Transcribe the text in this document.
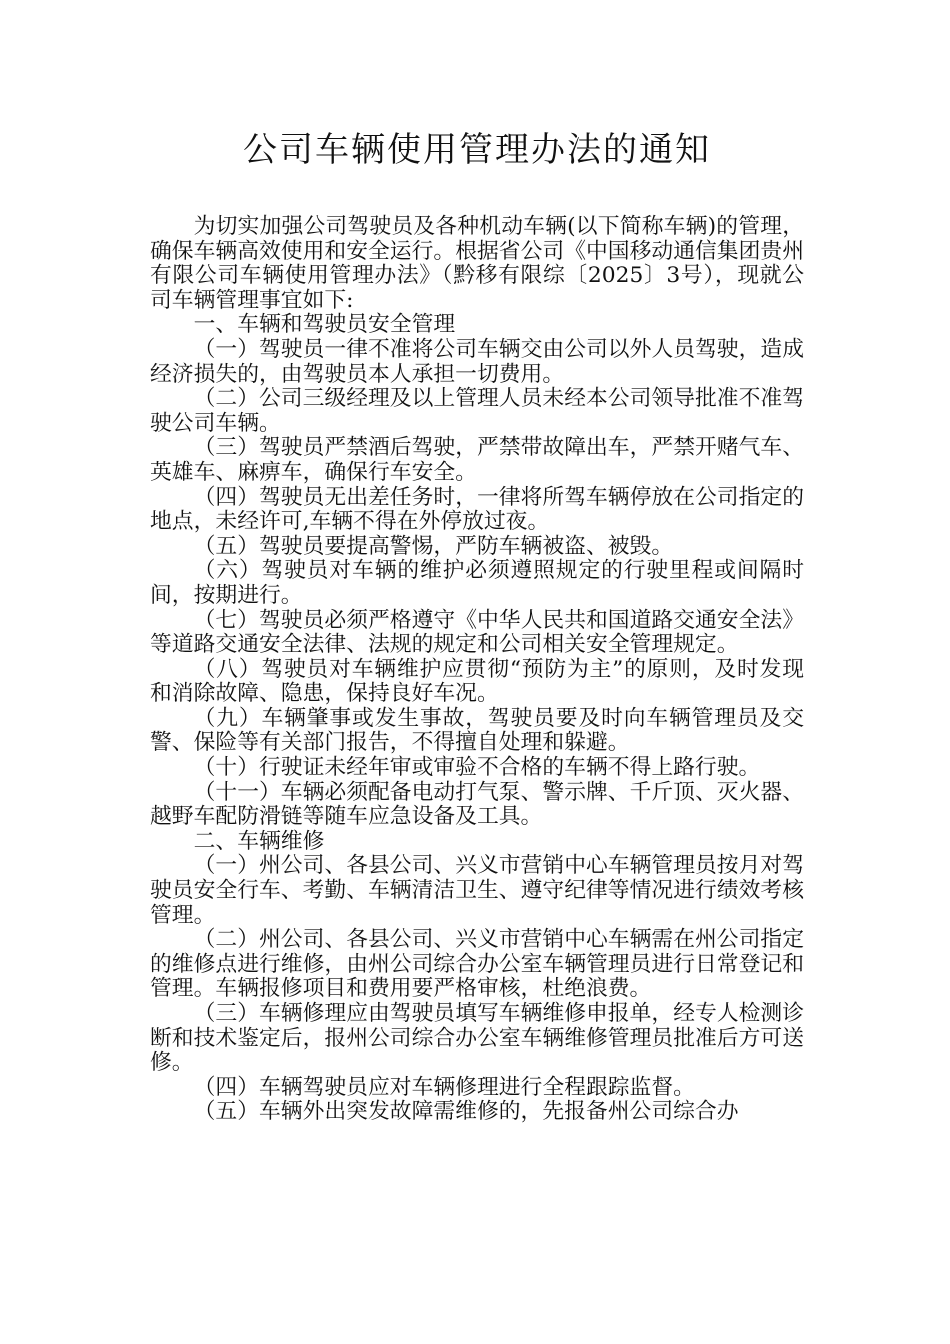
公司车辆使用管理办法的通知

为切实加强公司驾驶员及各种机动车辆(以下简称车辆)的管理，确保车辆高效使用和安全运行。根据省公司《中国移动通信集团贵州有限公司车辆使用管理办法》（黔移有限综〔2025〕3号），现就公司车辆管理事宜如下:

一、车辆和驾驶员安全管理

（一）驾驶员一律不准将公司车辆交由公司以外人员驾驶，造成经济损失的，由驾驶员本人承担一切费用。

（二）公司三级经理及以上管理人员未经本公司领导批准不准驾驶公司车辆。

（三）驾驶员严禁酒后驾驶，严禁带故障出车，严禁开赌气车、英雄车、麻痹车，确保行车安全。

（四）驾驶员无出差任务时，一律将所驾车辆停放在公司指定的地点，未经许可,车辆不得在外停放过夜。

（五）驾驶员要提高警惕，严防车辆被盗、被毁。

（六）驾驶员对车辆的维护必须遵照规定的行驶里程或间隔时间，按期进行。

（七）驾驶员必须严格遵守《中华人民共和国道路交通安全法》等道路交通安全法律、法规的规定和公司相关安全管理规定。

（八）驾驶员对车辆维护应贯彻“预防为主”的原则，及时发现和消除故障、隐患，保持良好车况。

（九）车辆肇事或发生事故，驾驶员要及时向车辆管理员及交警、保险等有关部门报告，不得擅自处理和躲避。

（十）行驶证未经年审或审验不合格的车辆不得上路行驶。

（十一）车辆必须配备电动打气泵、警示牌、千斤顶、灭火器、越野车配防滑链等随车应急设备及工具。

二、车辆维修

（一）州公司、各县公司、兴义市营销中心车辆管理员按月对驾驶员安全行车、考勤、车辆清洁卫生、遵守纪律等情况进行绩效考核管理。

（二）州公司、各县公司、兴义市营销中心车辆需在州公司指定的维修点进行维修，由州公司综合办公室车辆管理员进行日常登记和管理。车辆报修项目和费用要严格审核，杜绝浪费。

（三）车辆修理应由驾驶员填写车辆维修申报单，经专人检测诊断和技术鉴定后，报州公司综合办公室车辆维修管理员批准后方可送修。

（四）车辆驾驶员应对车辆修理进行全程跟踪监督。

（五）车辆外出突发故障需维修的，先报备州公司综合办
